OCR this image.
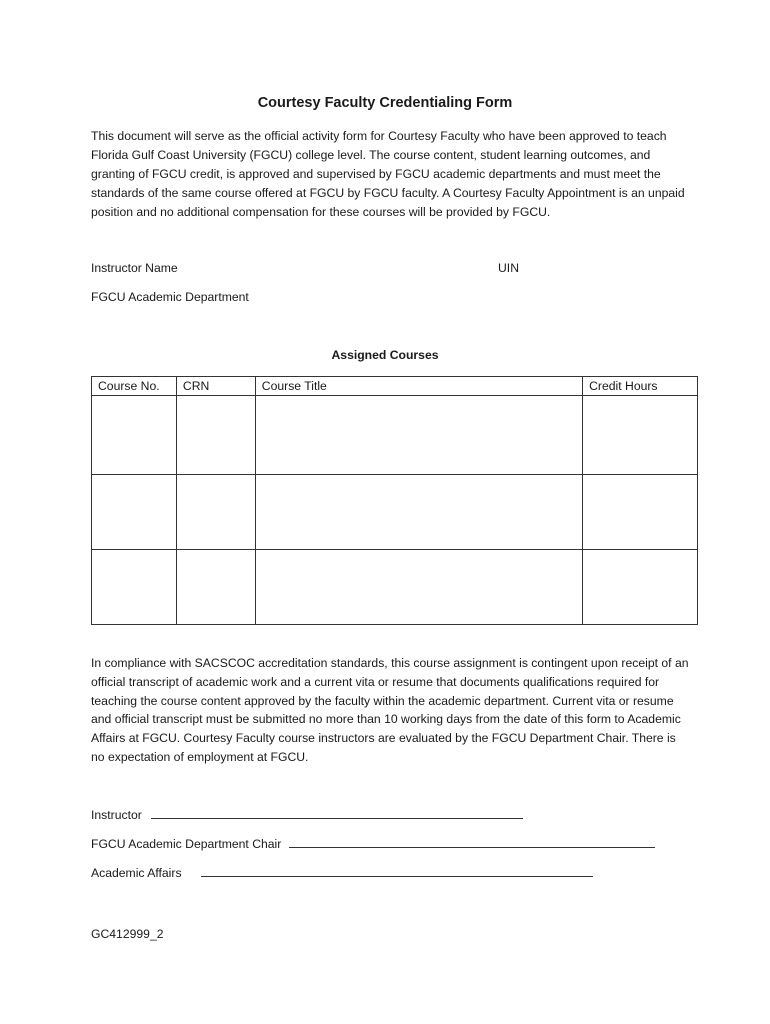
Courtesy Faculty Credentialing Form
This document will serve as the official activity form for Courtesy Faculty who have been approved to teach Florida Gulf Coast University (FGCU) college level. The course content, student learning outcomes, and granting of FGCU credit, is approved and supervised by FGCU academic departments and must meet the standards of the same course offered at FGCU by FGCU faculty. A Courtesy Faculty Appointment is an unpaid position and no additional compensation for these courses will be provided by FGCU.
Instructor Name	UIN
FGCU Academic Department
Assigned Courses
Course No.	CRN	Course Title	Credit Hours

In compliance with SACSCOC accreditation standards, this course assignment is contingent upon receipt of an official transcript of academic work and a current vita or resume that documents qualifications required for teaching the course content approved by the faculty within the academic department. Current vita or resume and official transcript must be submitted no more than 10 working days from the date of this form to Academic Affairs at FGCU. Courtesy Faculty course instructors are evaluated by the FGCU Department Chair. There is no expectation of employment at FGCU.
Instructor
FGCU Academic Department Chair
Academic Affairs
GC412999_2
